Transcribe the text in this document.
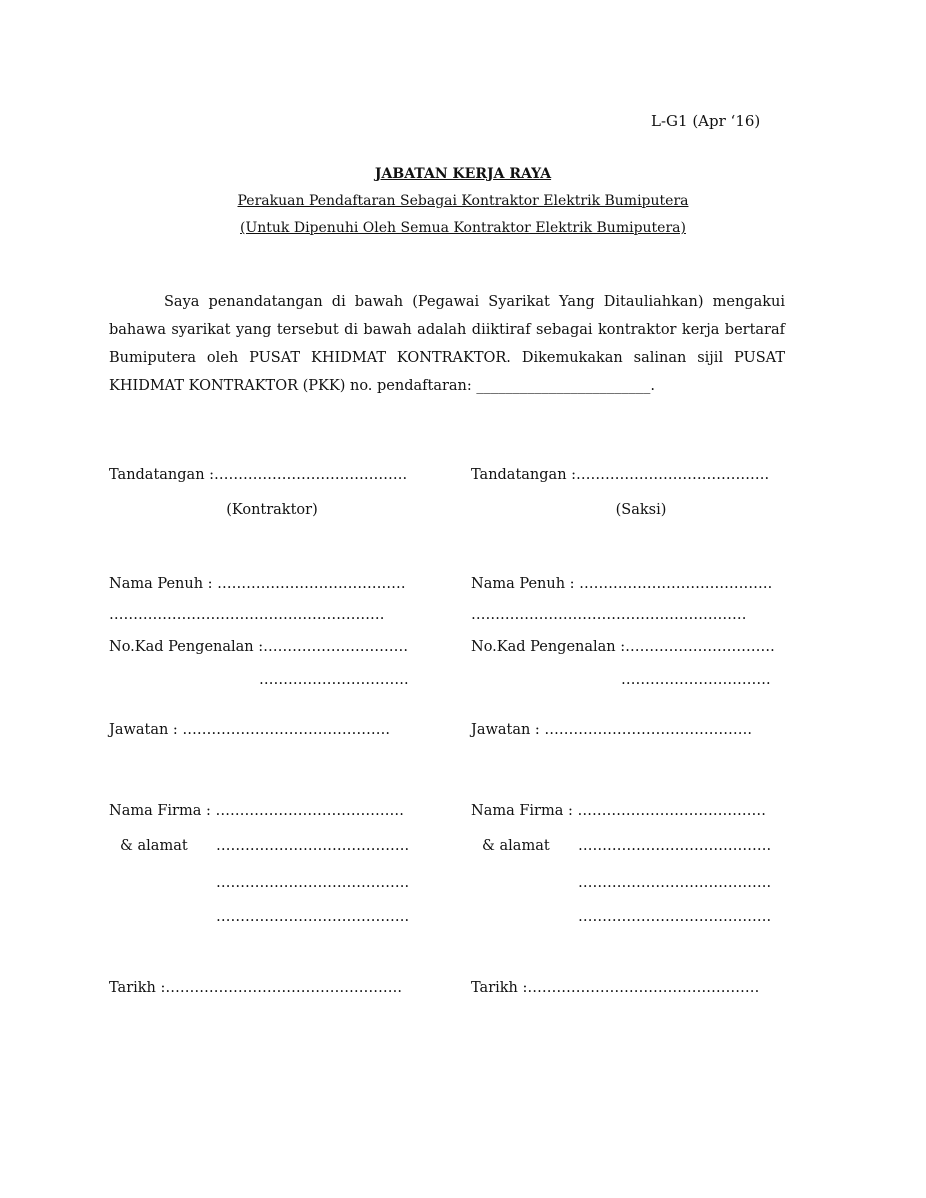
L-G1 (Apr ‘16)
JABATAN KERJA RAYA
Perakuan Pendaftaran Sebagai Kontraktor Elektrik Bumiputera
(Untuk Dipenuhi Oleh Semua Kontraktor Elektrik Bumiputera)
Saya penandatangan di bawah (Pegawai Syarikat Yang Ditauliahkan) mengakui
bahawa syarikat yang tersebut di bawah adalah diiktiraf sebagai kontraktor kerja bertaraf
Bumiputera oleh PUSAT KHIDMAT KONTRAKTOR. Dikemukakan salinan sijil PUSAT
KHIDMAT KONTRAKTOR (PKK) no. pendaftaran: ________________________.
Tandatangan :………………………………….
(Kontraktor)
Nama Penuh : …………………………………
…………………………………………………
No.Kad Pengenalan :…………………………
………………………….
Jawatan : …………………………………….
Nama Firma : …………………………………
& alamat ………………………………….
………………………………….
………………………………….
Tarikh :………………………………………….
Tandatangan :………………………………….
(Saksi)
Nama Penuh : ………………………………….
…………………………………………………
No.Kad Pengenalan :………………………….
………………………….
Jawatan : …………………………………….
Nama Firma : …………………………………
& alamat ………………………………….
………………………………….
………………………………….
Tarikh :…………………………………………
